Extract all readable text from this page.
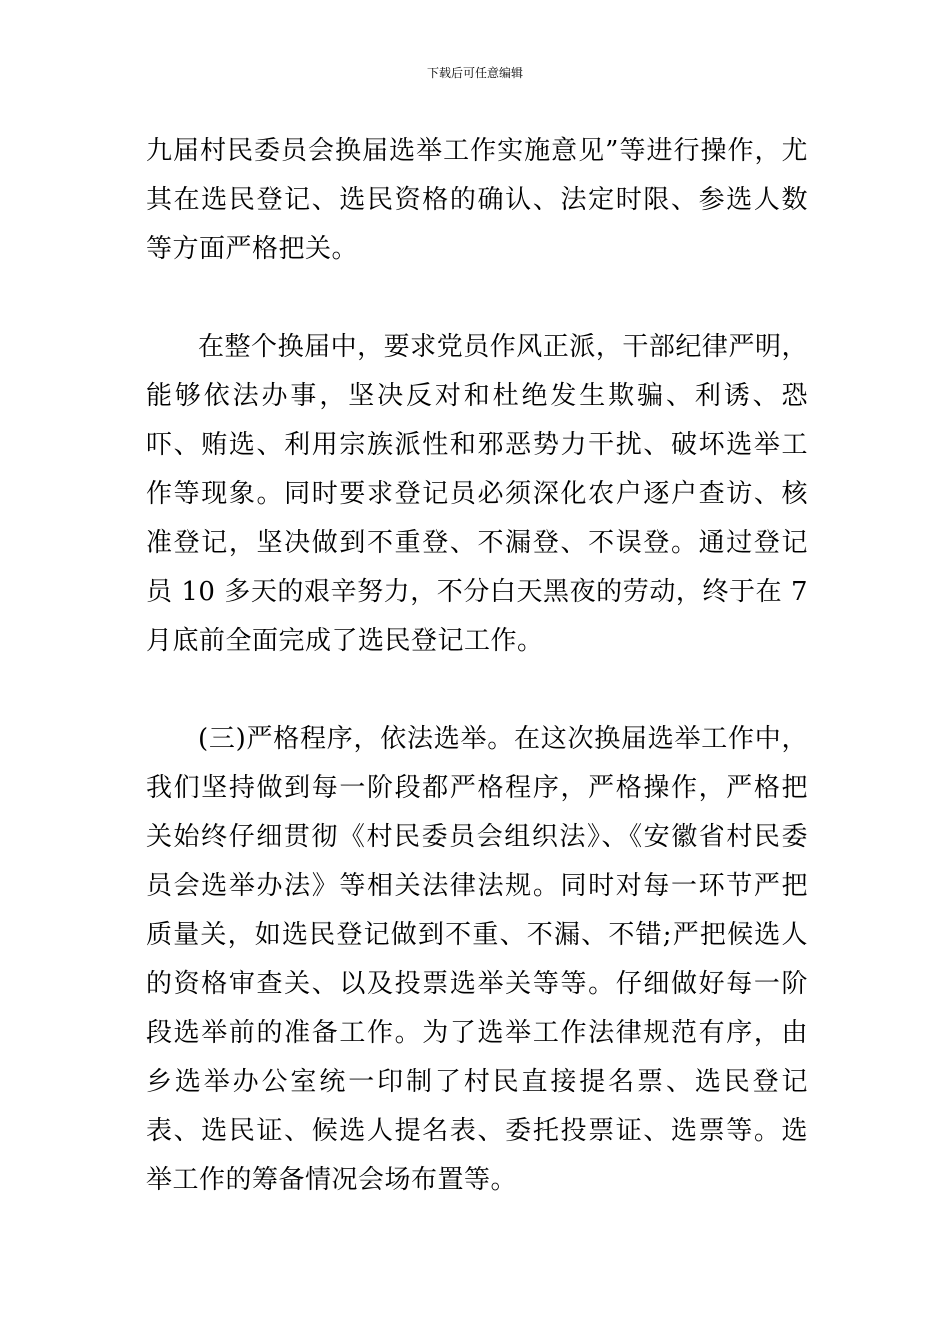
下载后可任意编辑

九届村民委员会换届选举工作实施意见”等进行操作，尤其在选民登记、选民资格的确认、法定时限、参选人数等方面严格把关。

在整个换届中，要求党员作风正派，干部纪律严明，能够依法办事，坚决反对和杜绝发生欺骗、利诱、恐吓、贿选、利用宗族派性和邪恶势力干扰、破坏选举工作等现象。同时要求登记员必须深化农户逐户查访、核准登记，坚决做到不重登、不漏登、不误登。通过登记员 10 多天的艰辛努力，不分白天黑夜的劳动，终于在 7 月底前全面完成了选民登记工作。

(三)严格程序，依法选举。在这次换届选举工作中，我们坚持做到每一阶段都严格程序，严格操作，严格把关始终仔细贯彻《村民委员会组织法》、《安徽省村民委员会选举办法》等相关法律法规。同时对每一环节严把质量关，如选民登记做到不重、不漏、不错;严把候选人的资格审查关、以及投票选举关等等。仔细做好每一阶段选举前的准备工作。为了选举工作法律规范有序，由乡选举办公室统一印制了村民直接提名票、选民登记表、选民证、候选人提名表、委托投票证、选票等。选举工作的筹备情况会场布置等。
